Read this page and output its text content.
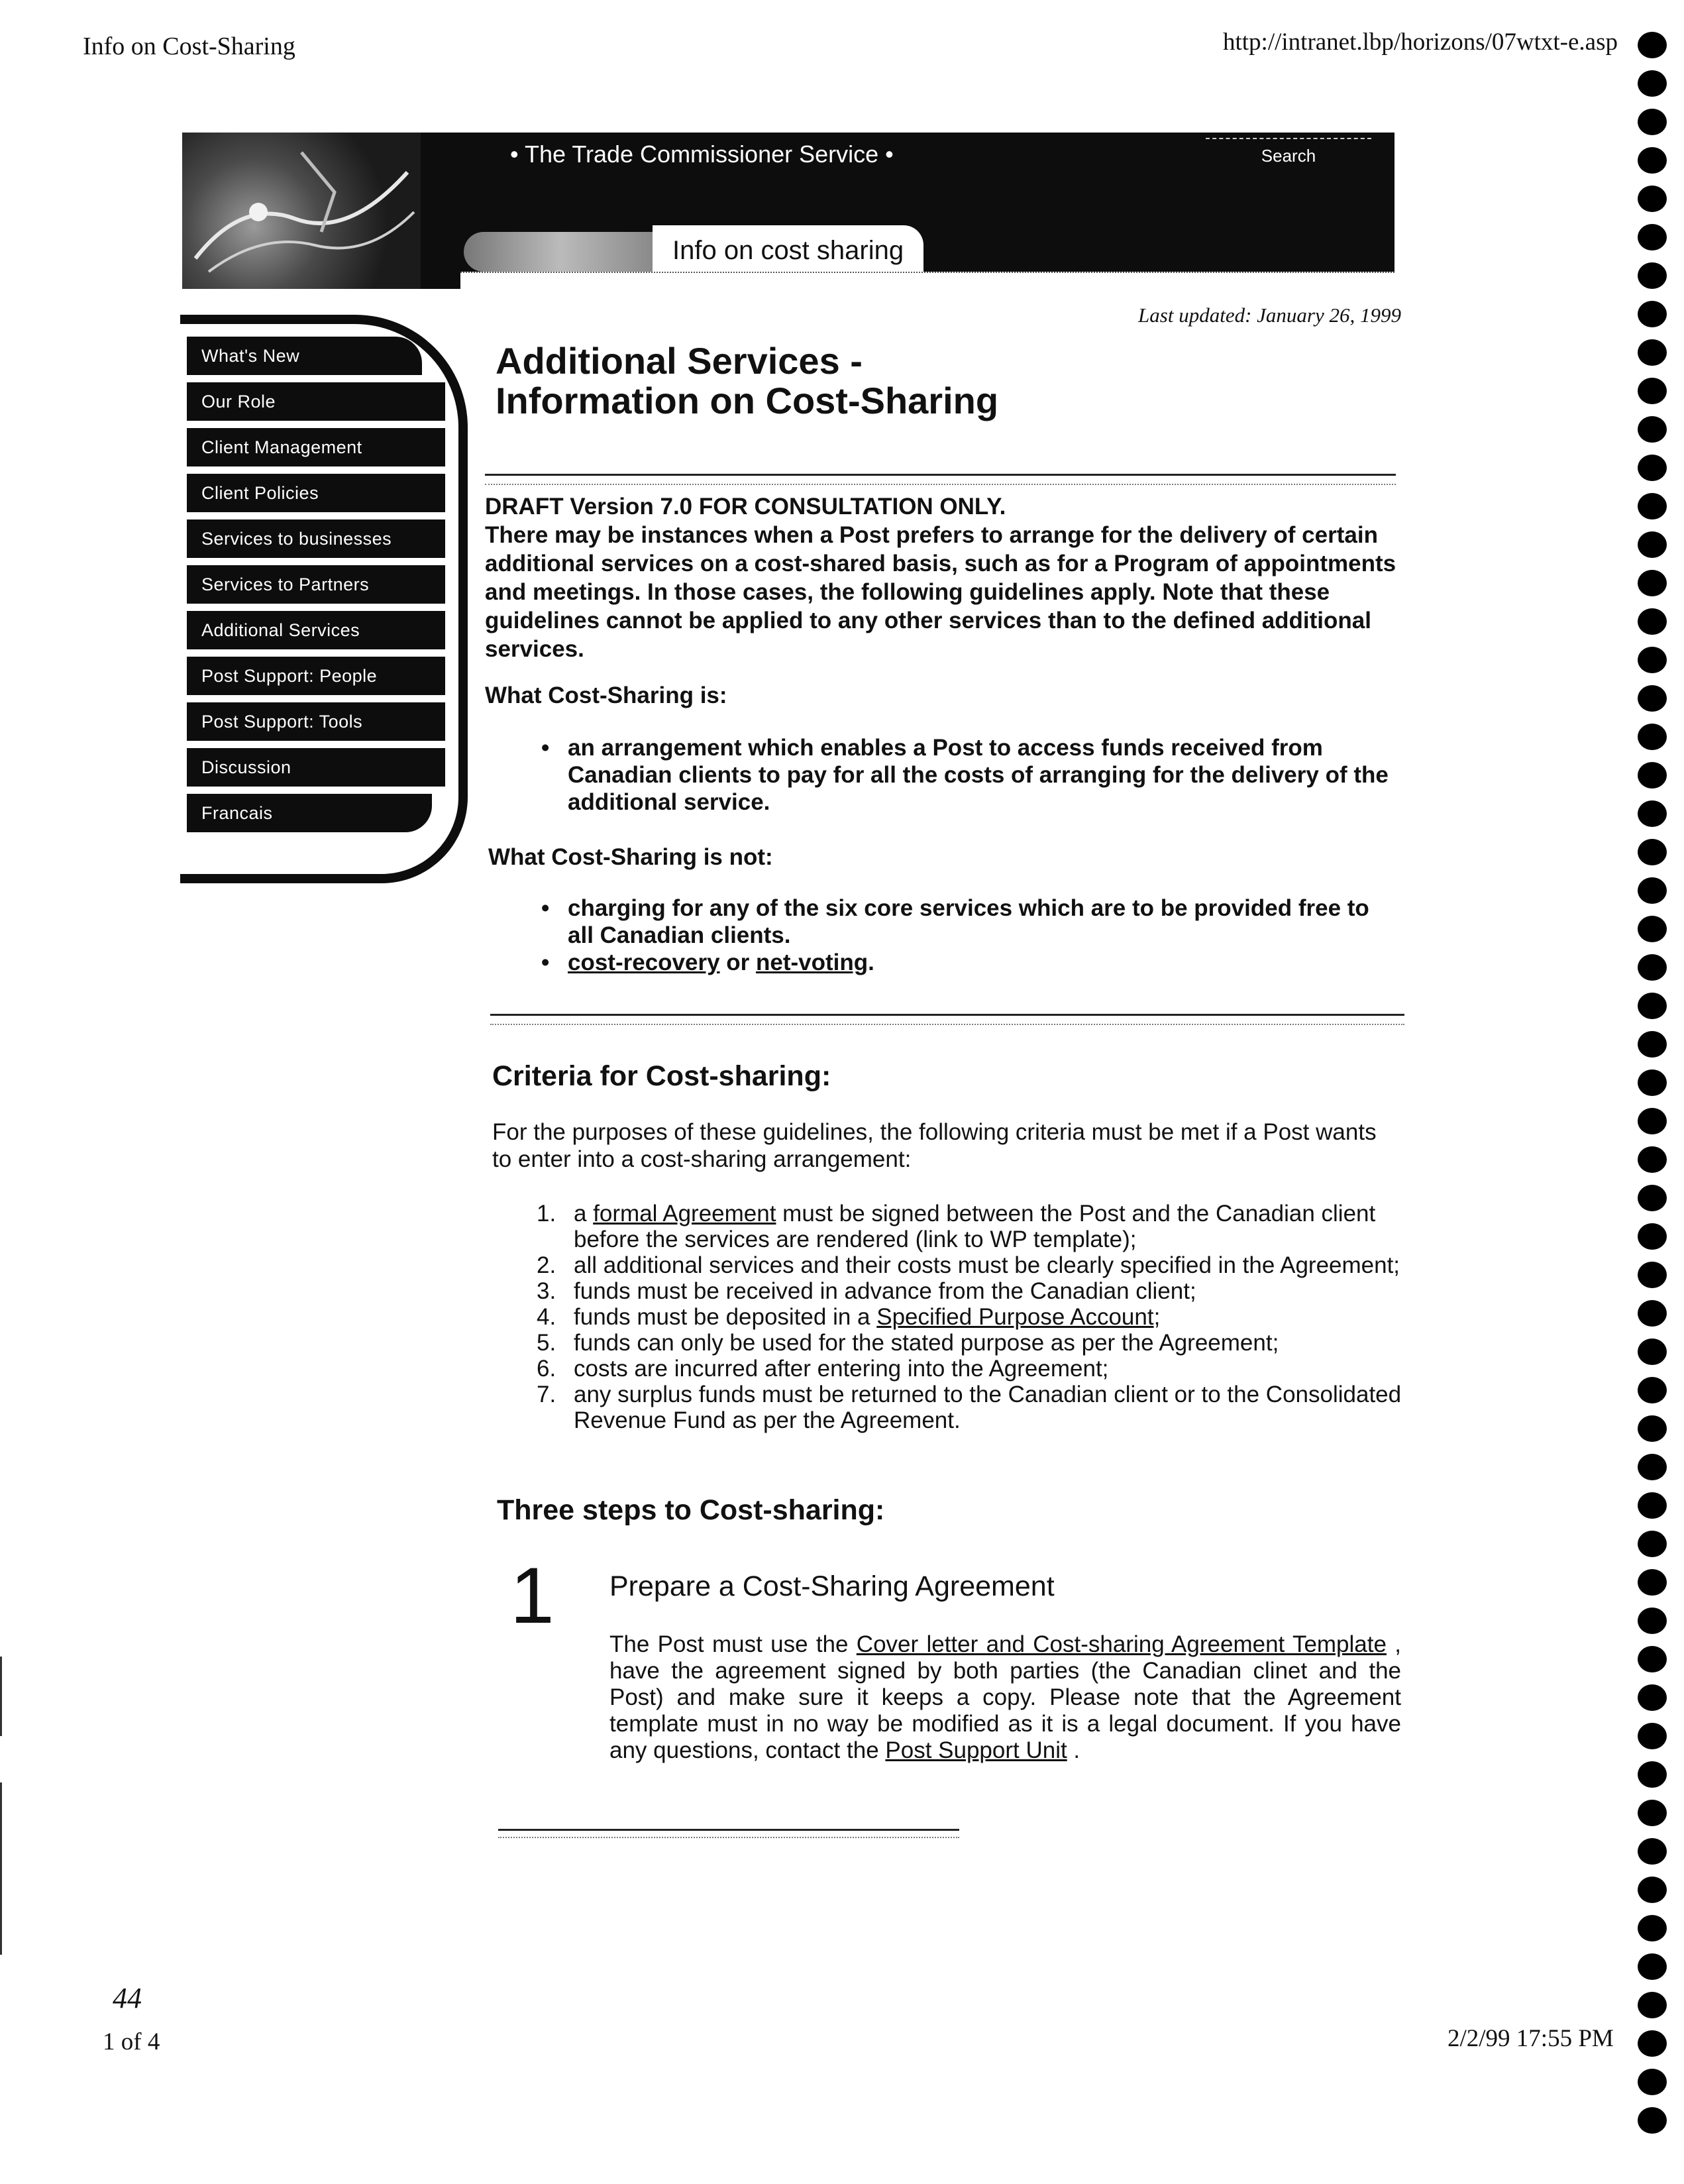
Info on Cost-Sharing	http://intranet.lbp/horizons/07wtxt-e.asp
44
1 of 4	2/2/99 17:55 PM
• The Trade Commissioner Service •	Search
Info on cost sharing
What's New
Our Role
Client Management
Client Policies
Services to businesses
Services to Partners
Additional Services
Post Support: People
Post Support: Tools
Discussion
Francais
Last updated: January 26, 1999
Additional Services -
Information on Cost-Sharing

DRAFT Version 7.0 FOR CONSULTATION ONLY.

There may be instances when a Post prefers to arrange for the delivery of certain additional services on a cost-shared basis, such as for a Program of appointments and meetings. In those cases, the following guidelines apply. Note that these guidelines cannot be applied to any other services than to the defined additional services.

What Cost-Sharing is:
• an arrangement which enables a Post to access funds received from Canadian clients to pay for all the costs of arranging for the delivery of the additional service.
What Cost-Sharing is not:
• charging for any of the six core services which are to be provided free to all Canadian clients.
• cost-recovery or net-voting.
Criteria for Cost-sharing:
For the purposes of these guidelines, the following criteria must be met if a Post wants to enter into a cost-sharing arrangement:
1. a formal Agreement must be signed between the Post and the Canadian client before the services are rendered (link to WP template);
2. all additional services and their costs must be clearly specified in the Agreement;
3. funds must be received in advance from the Canadian client;
4. funds must be deposited in a Specified Purpose Account;
5. funds can only be used for the stated purpose as per the Agreement;
6. costs are incurred after entering into the Agreement;
7. any surplus funds must be returned to the Canadian client or to the Consolidated Revenue Fund as per the Agreement.
Three steps to Cost-sharing:
1 Prepare a Cost-Sharing Agreement
The Post must use the Cover letter and Cost-sharing Agreement Template , have the agreement signed by both parties (the Canadian clinet and the Post) and make sure it keeps a copy. Please note that the Agreement template must in no way be modified as it is a legal document. If you have any questions, contact the Post Support Unit .
